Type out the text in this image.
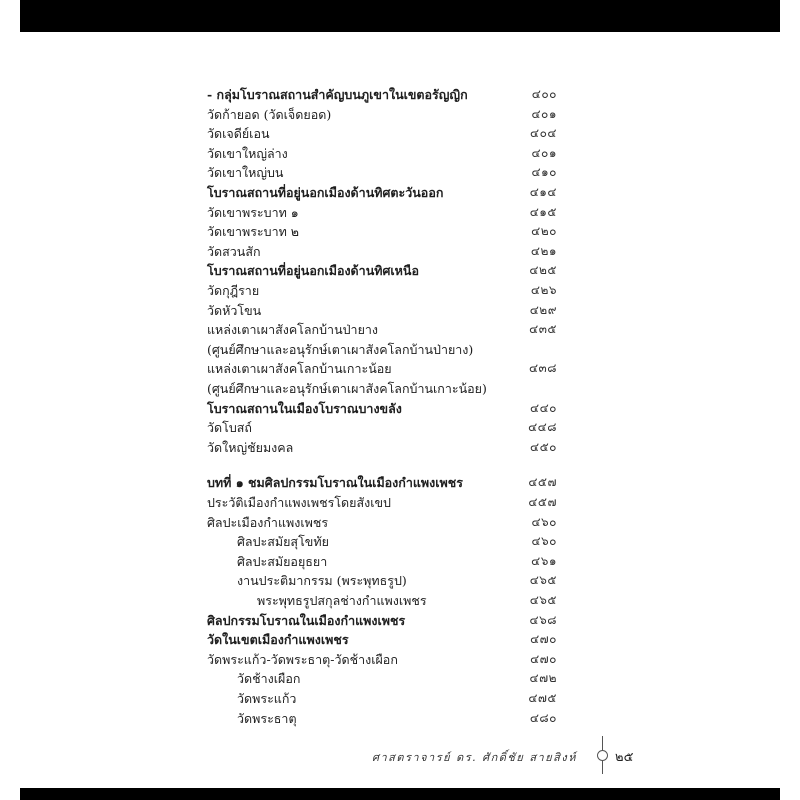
- กลุ่มโบราณสถานสำคัญบนภูเขาในเขตอรัญญิก	๔๐๐
วัดก้ายอด (วัดเจ็ดยอด)	๔๐๑
วัดเจดีย์เอน	๔๐๔
วัดเขาใหญ่ล่าง	๔๐๑
วัดเขาใหญ่บน	๔๑๐
โบราณสถานที่อยู่นอกเมืองด้านทิศตะวันออก	๔๑๔
วัดเขาพระบาท ๑	๔๑๕
วัดเขาพระบาท ๒	๔๒๐
วัดสวนสัก	๔๒๑
โบราณสถานที่อยู่นอกเมืองด้านทิศเหนือ	๔๒๕
วัดกุฎีราย	๔๒๖
วัดหัวโขน	๔๒๙
แหล่งเตาเผาสังคโลกบ้านป่ายาง	๔๓๕
(ศูนย์ศึกษาและอนุรักษ์เตาเผาสังคโลกบ้านป่ายาง)
แหล่งเตาเผาสังคโลกบ้านเกาะน้อย	๔๓๘
(ศูนย์ศึกษาและอนุรักษ์เตาเผาสังคโลกบ้านเกาะน้อย)
โบราณสถานในเมืองโบราณบางขลัง	๔๔๐
วัดโบสถ์	๔๔๘
วัดใหญ่ชัยมงคล	๔๕๐
บทที่ ๑ ชมศิลปกรรมโบราณในเมืองกำแพงเพชร	๔๕๗
ประวัติเมืองกำแพงเพชรโดยสังเขป	๔๕๗
ศิลปะเมืองกำแพงเพชร	๔๖๐
ศิลปะสมัยสุโขทัย	๔๖๐
ศิลปะสมัยอยุธยา	๔๖๑
งานประติมากรรม (พระพุทธรูป)	๔๖๕
พระพุทธรูปสกุลช่างกำแพงเพชร	๔๖๕
ศิลปกรรมโบราณในเมืองกำแพงเพชร	๔๖๘
วัดในเขตเมืองกำแพงเพชร	๔๗๐
วัดพระแก้ว-วัดพระธาตุ-วัดช้างเผือก	๔๗๐
วัดช้างเผือก	๔๗๒
วัดพระแก้ว	๔๗๕
วัดพระธาตุ	๔๘๐
ศาสตราจารย์ ดร. ศักดิ์ชัย สายสิงห์	๒๕
